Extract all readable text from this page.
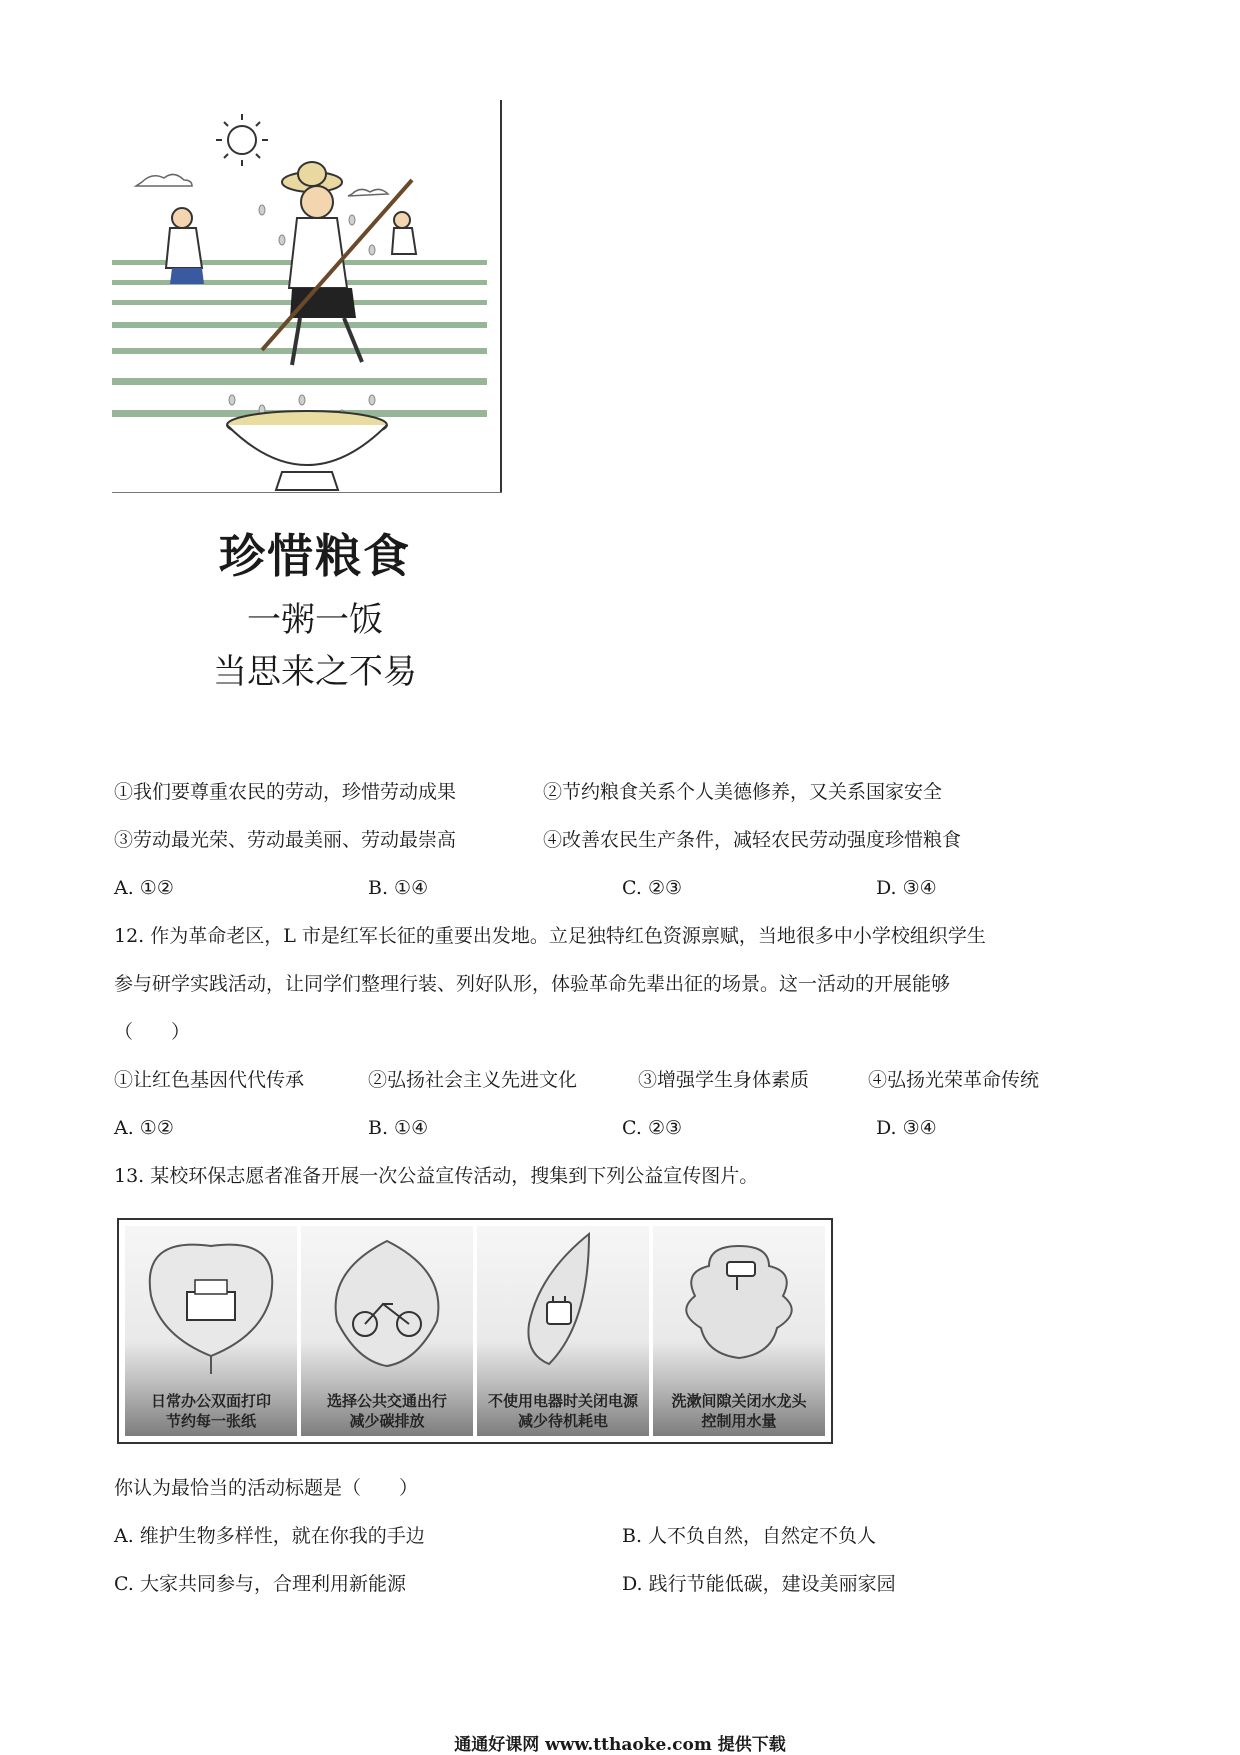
珍惜粮食
一粥一饭
当思来之不易
①我们要尊重农民的劳动，珍惜劳动成果	②节约粮食关系个人美德修养，又关系国家安全
③劳动最光荣、劳动最美丽、劳动最崇高	④改善农民生产条件，减轻农民劳动强度珍惜粮食
A. ①②	B. ①④	C. ②③	D. ③④
12. 作为革命老区，L 市是红军长征的重要出发地。立足独特红色资源禀赋，当地很多中小学校组织学生
参与研学实践活动，让同学们整理行装、列好队形，体验革命先辈出征的场景。这一活动的开展能够
（　　）
①让红色基因代代传承	②弘扬社会主义先进文化	③增强学生身体素质	④弘扬光荣革命传统
A. ①②	B. ①④	C. ②③	D. ③④
13. 某校环保志愿者准备开展一次公益宣传活动，搜集到下列公益宣传图片。
日常办公双面打印
节约每一张纸
选择公共交通出行
减少碳排放
不使用电器时关闭电源
减少待机耗电
洗漱间隙关闭水龙头
控制用水量
你认为最恰当的活动标题是（　　）
A. 维护生物多样性，就在你我的手边	B. 人不负自然，自然定不负人
C. 大家共同参与，合理利用新能源	D. 践行节能低碳，建设美丽家园
通通好课网 www.tthaoke.com 提供下载
